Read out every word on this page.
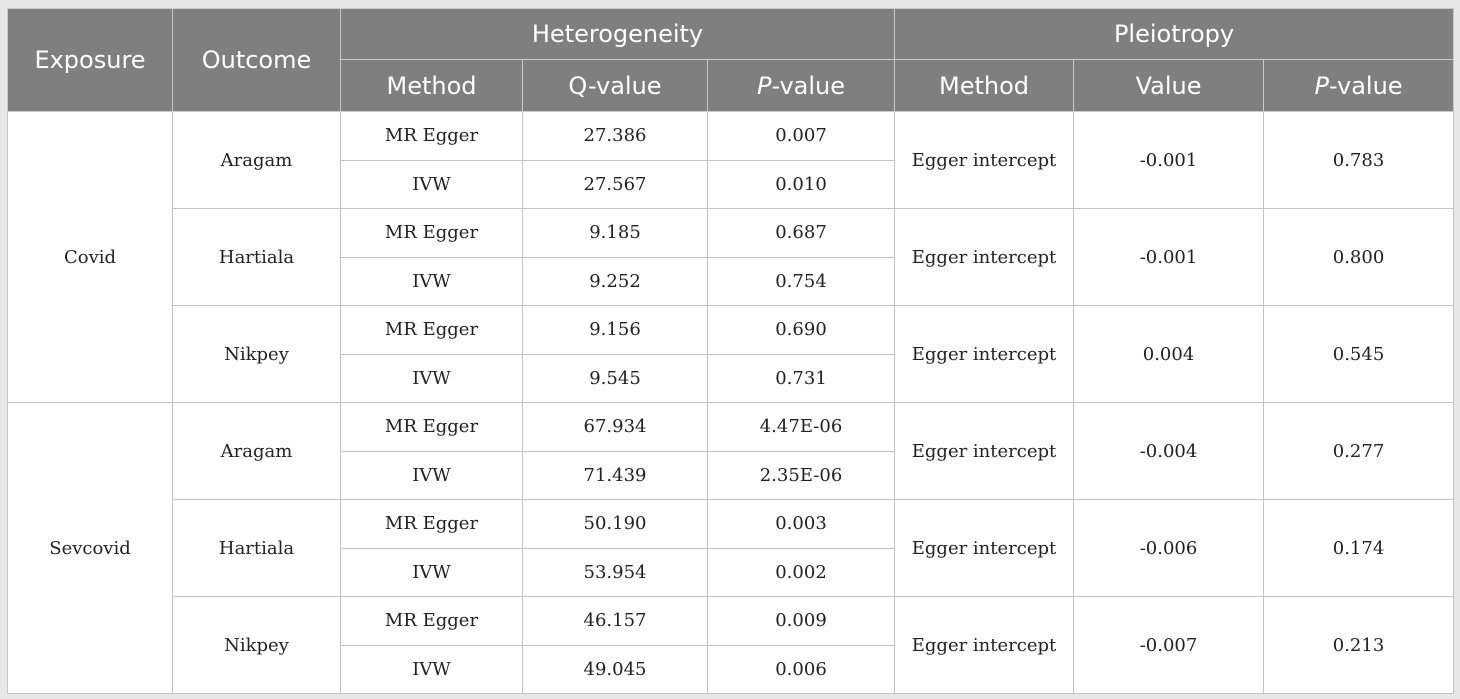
Exposure	Outcome	Heterogeneity			Pleiotropy		
		Method	Q-value	P-value	Method	Value	P-value
Covid	Aragam	MR Egger	27.386	0.007	Egger intercept	-0.001	0.783
		IVW	27.567	0.010			
	Hartiala	MR Egger	9.185	0.687	Egger intercept	-0.001	0.800
		IVW	9.252	0.754			
	Nikpey	MR Egger	9.156	0.690	Egger intercept	0.004	0.545
		IVW	9.545	0.731			
Sevcovid	Aragam	MR Egger	67.934	4.47E-06	Egger intercept	-0.004	0.277
		IVW	71.439	2.35E-06			
	Hartiala	MR Egger	50.190	0.003	Egger intercept	-0.006	0.174
		IVW	53.954	0.002			
	Nikpey	MR Egger	46.157	0.009	Egger intercept	-0.007	0.213
		IVW	49.045	0.006			
